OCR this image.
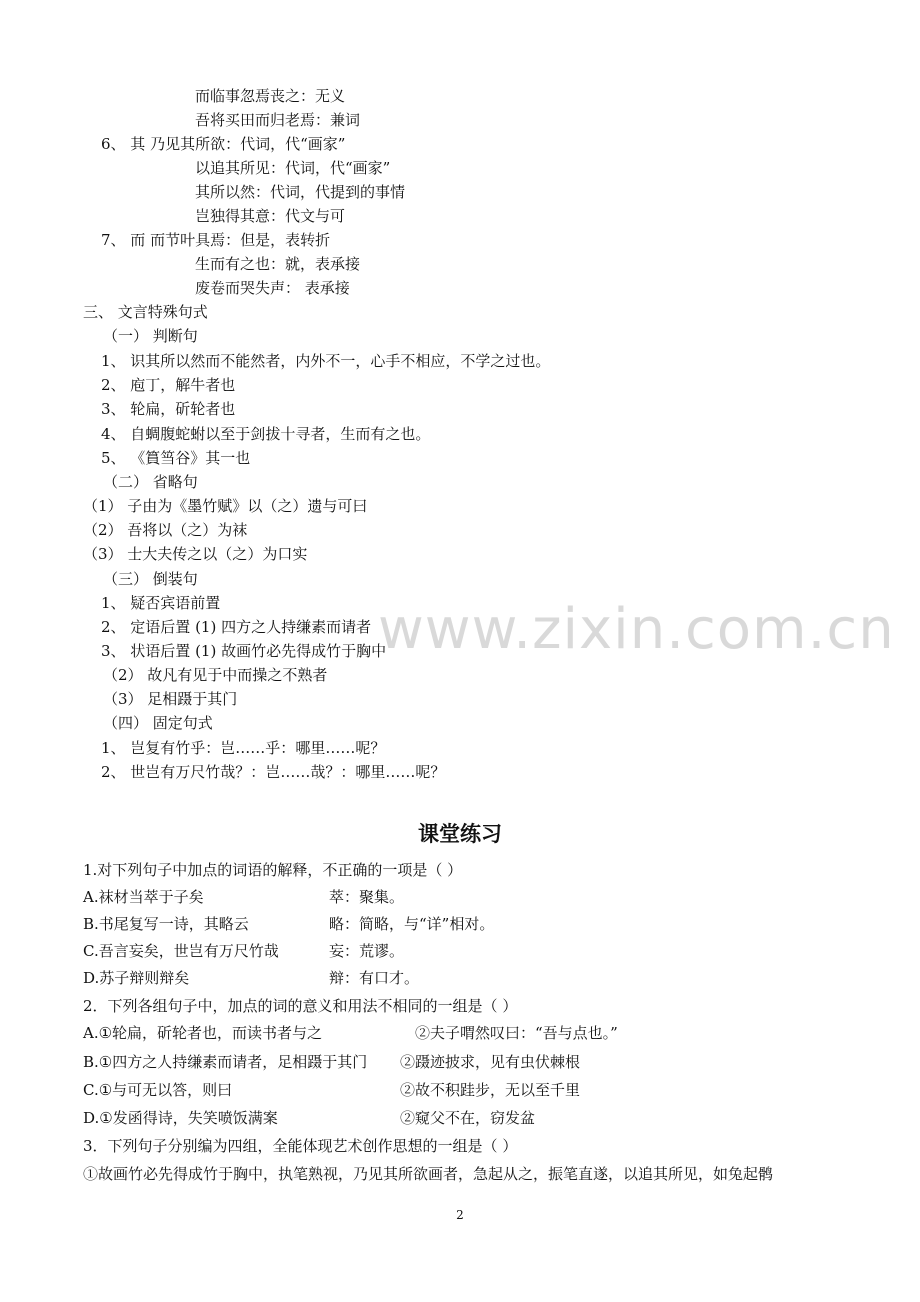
而临事忽焉丧之：无义
吾将买田而归老焉：兼词
6、 其 乃见其所欲：代词，代“画家”
以追其所见：代词，代“画家”
其所以然：代词，代提到的事情
岂独得其意：代文与可
7、 而 而节叶具焉：但是，表转折
生而有之也：就，表承接
废卷而哭失声： 表承接
三、 文言特殊句式
（一） 判断句
1、 识其所以然而不能然者，内外不一，心手不相应，不学之过也。
2、 庖丁，解牛者也
3、 轮扁，斫轮者也
4、 自蜩腹蛇蚹以至于剑拔十寻者，生而有之也。
5、 《篔筜谷》其一也
（二） 省略句
（1） 子由为《墨竹赋》以（之）遗与可曰
（2） 吾将以（之）为袜
（3） 士大夫传之以（之）为口实
（三） 倒装句
1、 疑否宾语前置
2、 定语后置 (1) 四方之人持缣素而请者
3、 状语后置 (1) 故画竹必先得成竹于胸中
（2） 故凡有见于中而操之不熟者
（3） 足相蹑于其门
（四） 固定句式
1、 岂复有竹乎：岂……乎：哪里……呢？
2、 世岂有万尺竹哉？：岂……哉？：哪里……呢？
课堂练习
1.对下列句子中加点的词语的解释，不正确的一项是（ ）
A.袜材当萃于子矣	萃：聚集。
B.书尾复写一诗，其略云	略：简略，与“详”相对。
C.吾言妄矣，世岂有万尺竹哉	妄：荒谬。
D.苏子辩则辩矣	辩：有口才。
2．下列各组句子中，加点的词的意义和用法不相同的一组是（ ）
A.①轮扁，斫轮者也，而读书者与之	②夫子喟然叹曰：“吾与点也。”
B.①四方之人持缣素而请者，足相蹑于其门 ②蹑迹披求，见有虫伏棘根
C.①与可无以答，则曰	②故不积跬步，无以至千里
D.①发函得诗，失笑喷饭满案	②窥父不在，窃发盆
3．下列句子分别编为四组，全能体现艺术创作思想的一组是（ ）
①故画竹必先得成竹于胸中，执笔熟视，乃见其所欲画者，急起从之，振笔直遂，以追其所见，如兔起鹘
www.zixin.com.cn
2
